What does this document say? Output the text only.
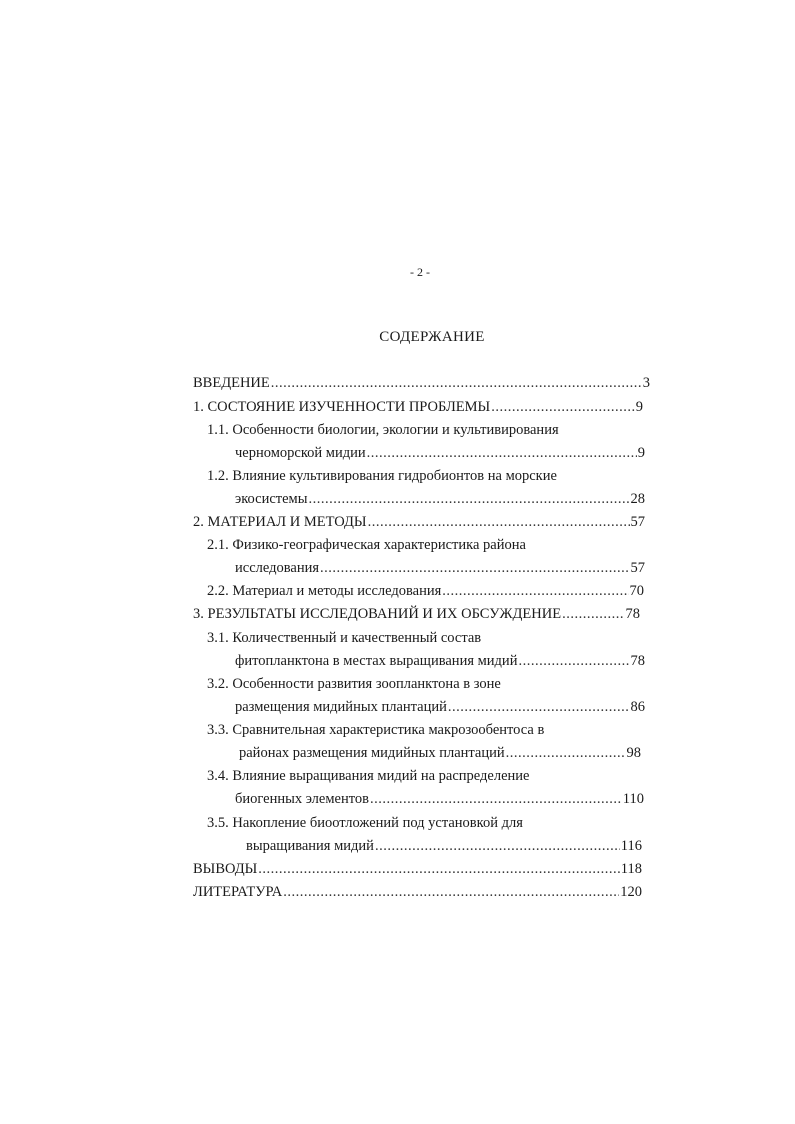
- 2 -
СОДЕРЖАНИЕ
ВВЕДЕНИЕ .....	3
1. СОСТОЯНИЕ ИЗУЧЕННОСТИ ПРОБЛЕМЫ .....	9
1.1. Особенности биологии, экологии и культивирования
черноморской мидии .....	9
1.2. Влияние культивирования гидробионтов на морские
экосистемы .....	28
2. МАТЕРИАЛ И МЕТОДЫ .....	57
2.1. Физико-географическая характеристика района
исследования .....	57
2.2. Материал и методы исследования .....	70
3. РЕЗУЛЬТАТЫ ИССЛЕДОВАНИЙ И ИХ ОБСУЖДЕНИЕ .....	78
3.1. Количественный и качественный состав
фитопланктона в местах выращивания мидий .....	78
3.2. Особенности развития зоопланктона в зоне
размещения мидийных плантаций .....	86
3.3. Сравнительная характеристика макрозообентоса в
районах размещения мидийных плантаций .....	98
3.4. Влияние выращивания мидий на распределение
биогенных элементов .....	110
3.5. Накопление биоотложений под установкой для
выращивания мидий .....	116
ВЫВОДЫ .....	118
ЛИТЕРАТУРА .....	120
